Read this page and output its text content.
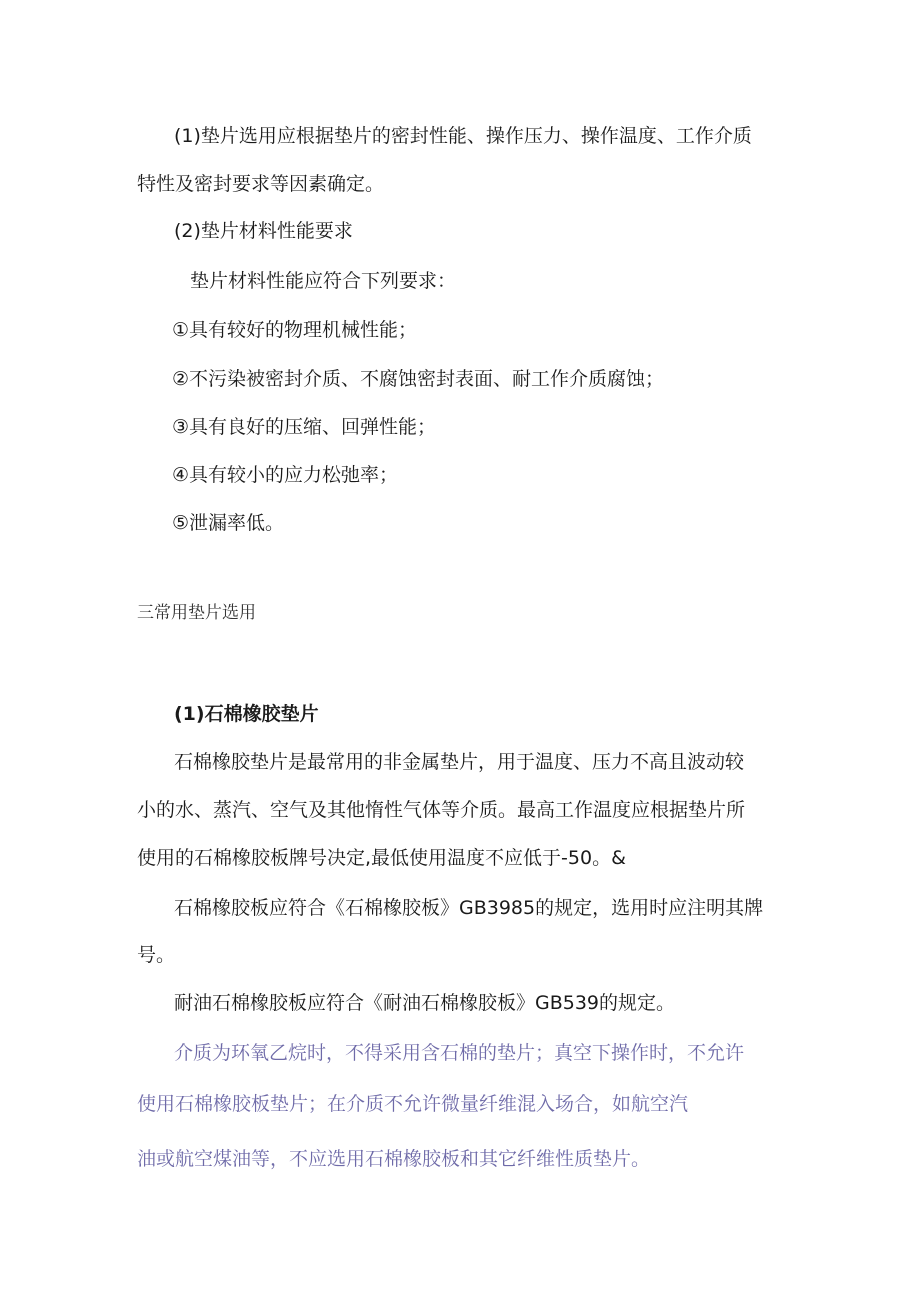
(1)垫片选用应根据垫片的密封性能、操作压力、操作温度、工作介质

特性及密封要求等因素确定。

(2)垫片材料性能要求

垫片材料性能应符合下列要求：

①具有较好的物理机械性能；

②不污染被密封介质、不腐蚀密封表面、耐工作介质腐蚀；

③具有良好的压缩、回弹性能；

④具有较小的应力松弛率；

⑤泄漏率低。

三常用垫片选用

(1)石棉橡胶垫片

石棉橡胶垫片是最常用的非金属垫片，用于温度、压力不高且波动较

小的水、蒸汽、空气及其他惰性气体等介质。最高工作温度应根据垫片所

使用的石棉橡胶板牌号决定,最低使用温度不应低于-50。&

石棉橡胶板应符合《石棉橡胶板》GB3985的规定，选用时应注明其牌

号。

耐油石棉橡胶板应符合《耐油石棉橡胶板》GB539的规定。

介质为环氧乙烷时，不得采用含石棉的垫片；真空下操作时，不允许

使用石棉橡胶板垫片；在介质不允许微量纤维混入场合，如航空汽

油或航空煤油等，不应选用石棉橡胶板和其它纤维性质垫片。
